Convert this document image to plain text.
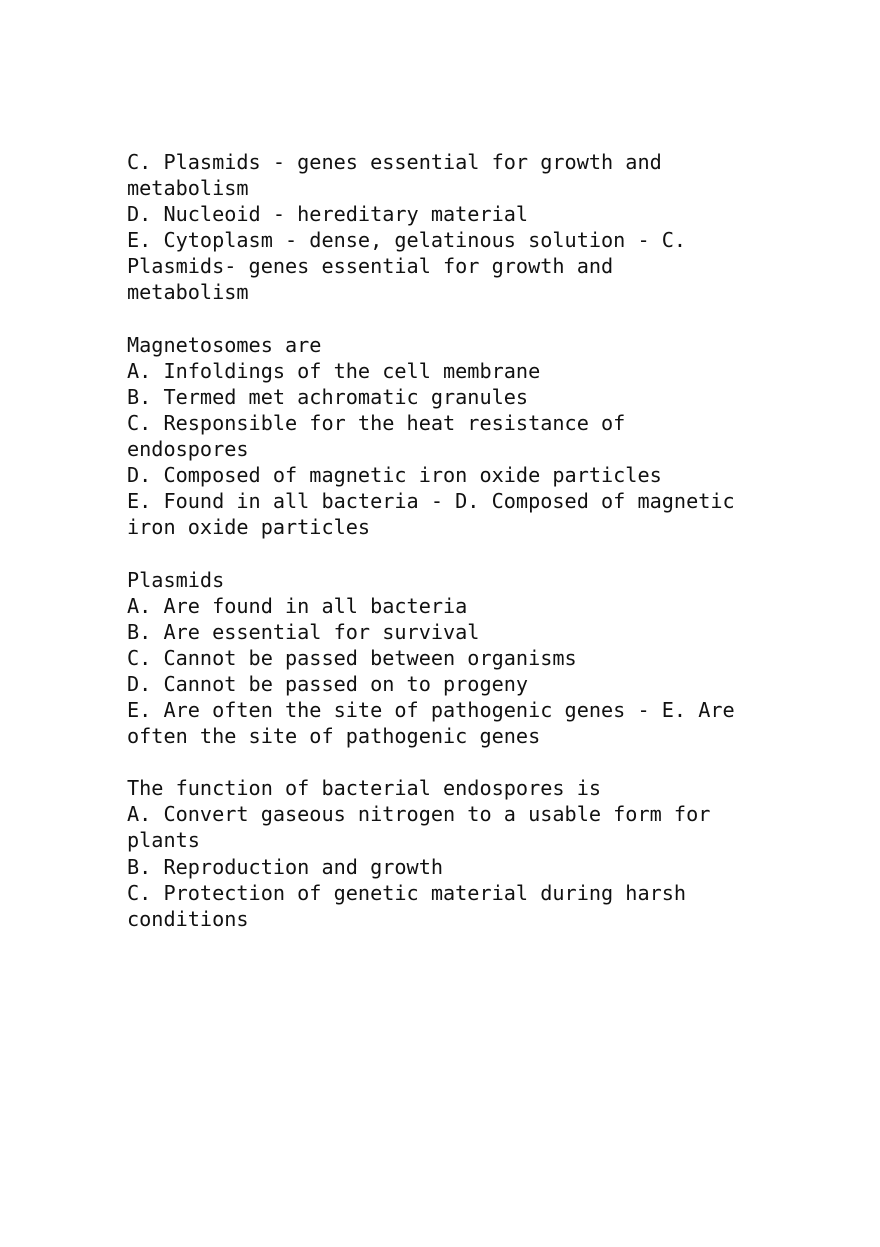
C. Plasmids - genes essential for growth and
metabolism
D. Nucleoid - hereditary material
E. Cytoplasm - dense, gelatinous solution - C.
Plasmids- genes essential for growth and
metabolism
Magnetosomes are
A. Infoldings of the cell membrane
B. Termed met achromatic granules
C. Responsible for the heat resistance of
endospores
D. Composed of magnetic iron oxide particles
E. Found in all bacteria - D. Composed of magnetic
iron oxide particles
Plasmids
A. Are found in all bacteria
B. Are essential for survival
C. Cannot be passed between organisms
D. Cannot be passed on to progeny
E. Are often the site of pathogenic genes - E. Are
often the site of pathogenic genes
The function of bacterial endospores is
A. Convert gaseous nitrogen to a usable form for
plants
B. Reproduction and growth
C. Protection of genetic material during harsh
conditions
